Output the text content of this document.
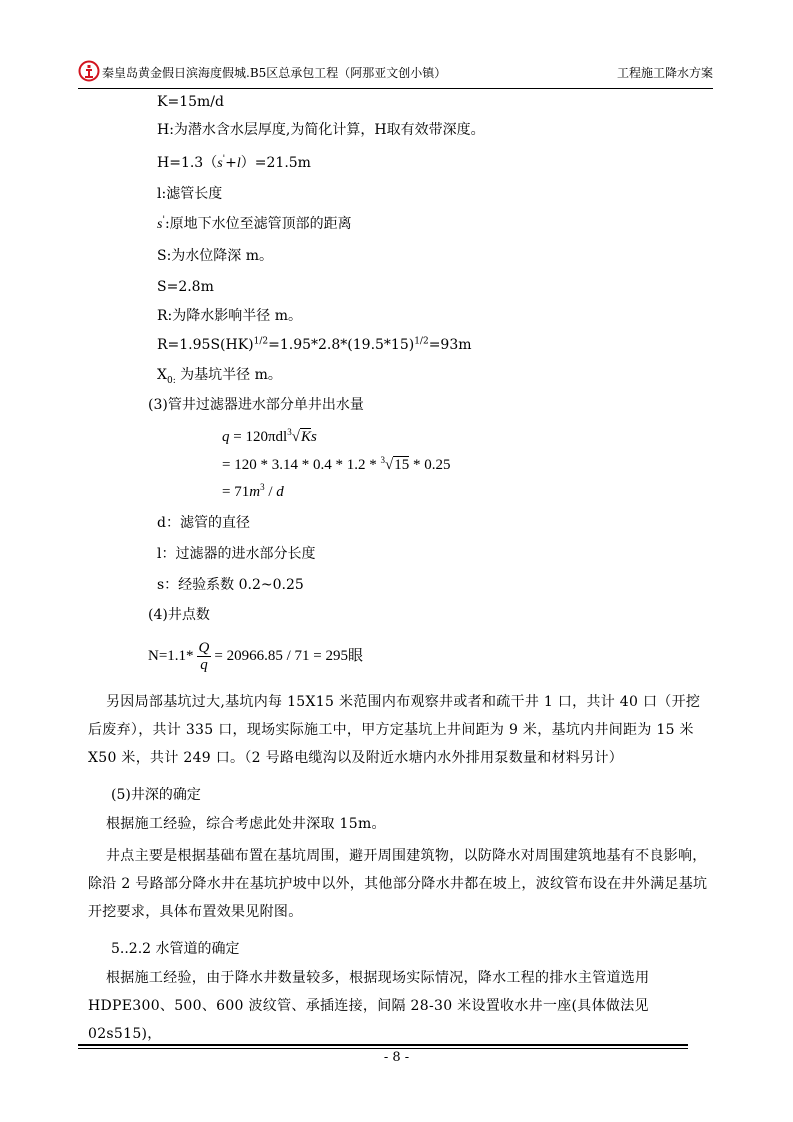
秦皇岛黄金假日滨海度假城.B5区总承包工程（阿那亚文创小镇）	工程施工降水方案
K=15m/d
H:为潜水含水层厚度,为简化计算，H取有效带深度。
H=1.3（s'+l）=21.5m
l:滤管长度
s':原地下水位至滤管顶部的距离
S:为水位降深 m。
S=2.8m
R:为降水影响半径 m。
$R=1.95S(HK)^{1/2}=1.95*2.8*(19.5*15)^{1/2}=93m$
$X_{0:}$ 为基坑半径 m。
(3)管井过滤器进水部分单井出水量
q = 120πdl$^3$√Ks
= 120 * 3.14 * 0.4 * 1.2 * $^3$√15 * 0.25
= $71m^3$ / d
d：滤管的直径
l：过滤器的进水部分长度
s：经验系数 0.2~0.25
(4)井点数
$N=1.1* \frac{Q}{q} = 20966.85 / 71 = 295$眼
另因局部基坑过大,基坑内每 15X15 米范围内布观察井或者和疏干井 1 口，共计 40 口（开挖后废弃），共计 335 口，现场实际施工中，甲方定基坑上井间距为 9 米，基坑内井间距为 15 米 X50 米，共计 249 口。（2 号路电缆沟以及附近水塘内水外排用泵数量和材料另计）
(5)井深的确定
根据施工经验，综合考虑此处井深取 15m。
井点主要是根据基础布置在基坑周围，避开周围建筑物，以防降水对周围建筑地基有不良影响，除沿 2 号路部分降水井在基坑护坡中以外，其他部分降水井都在坡上，波纹管布设在井外满足基坑开挖要求，具体布置效果见附图。
5..2.2 水管道的确定
根据施工经验，由于降水井数量较多，根据现场实际情况，降水工程的排水主管道选用 HDPE300、500、600 波纹管、承插连接，间隔 28-30 米设置收水井一座(具体做法见 02s515)，
- 8 -
